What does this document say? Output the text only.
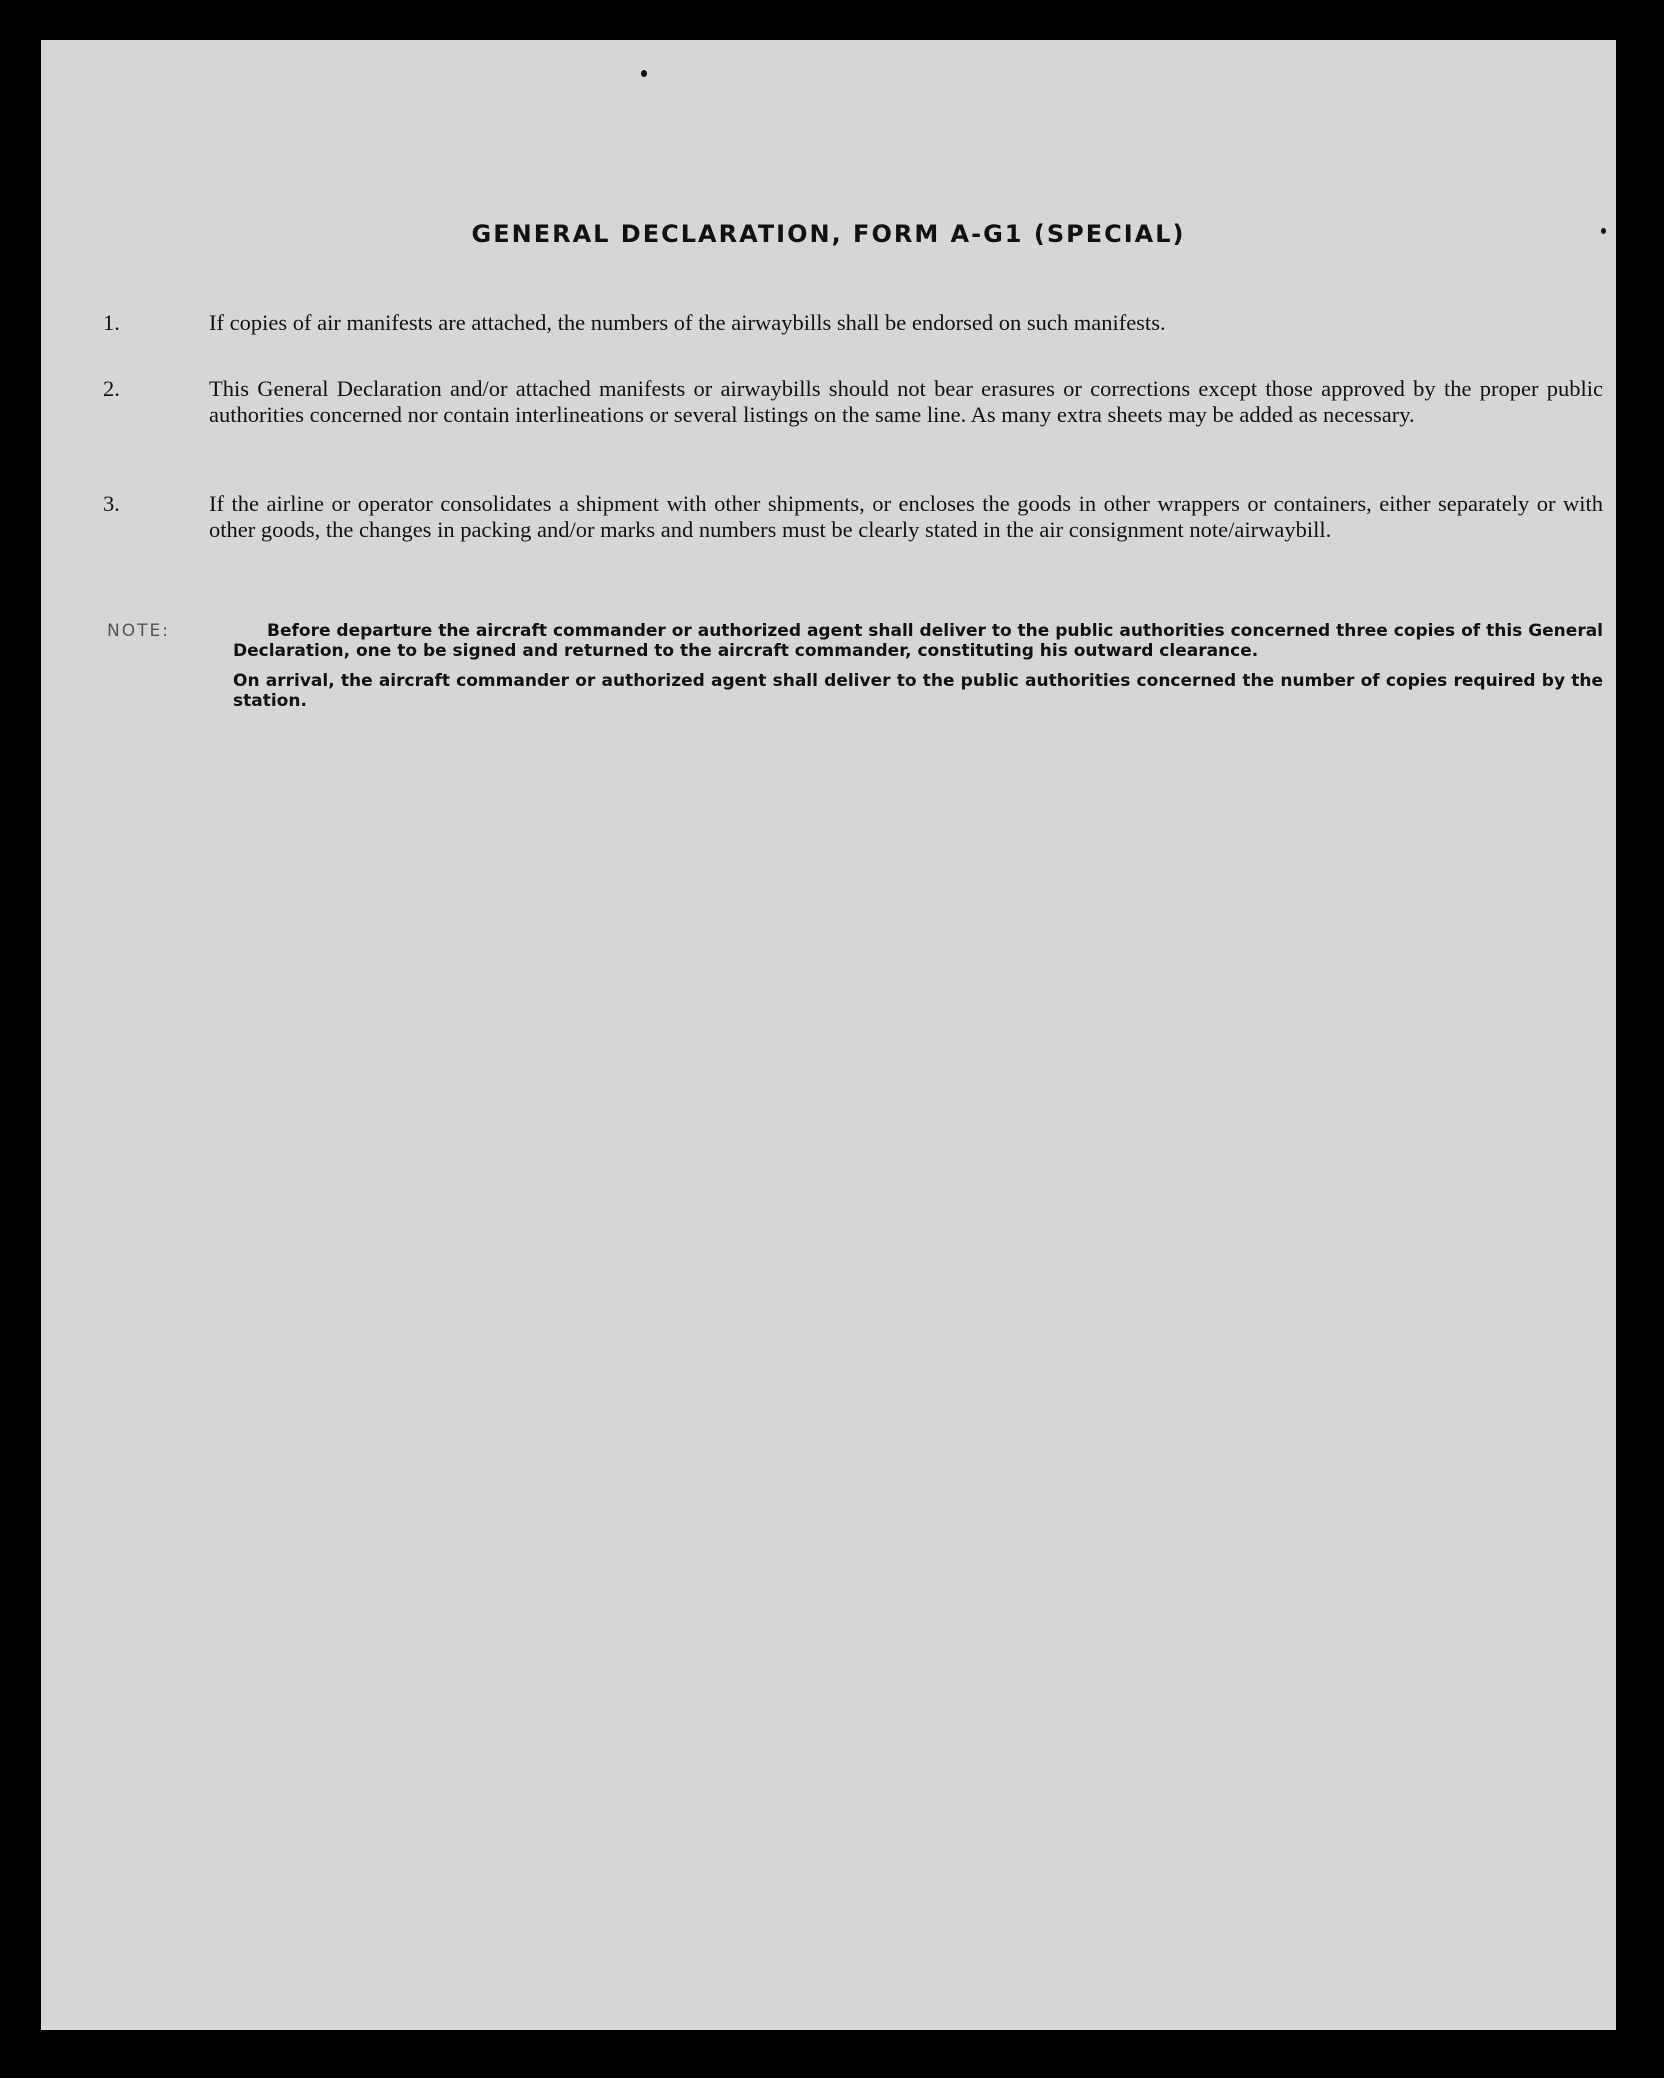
GENERAL DECLARATION, FORM A-G1 (SPECIAL)
1.	If copies of air manifests are attached, the numbers of the airwaybills shall be endorsed on such manifests.
2.	This General Declaration and/or attached manifests or airwaybills should not bear erasures or corrections except those approved by the proper public authorities concerned nor contain interlineations or several listings on the same line. As many extra sheets may be added as necessary.
3.	If the airline or operator consolidates a shipment with other shipments, or encloses the goods in other wrappers or containers, either separately or with other goods, the changes in packing and/or marks and numbers must be clearly stated in the air consignment note/airwaybill.
NOTE:	Before departure the aircraft commander or authorized agent shall deliver to the public authorities concerned three copies of this General Declaration, one to be signed and returned to the aircraft commander, constituting his outward clearance.
On arrival, the aircraft commander or authorized agent shall deliver to the public authorities concerned the number of copies required by the station.
